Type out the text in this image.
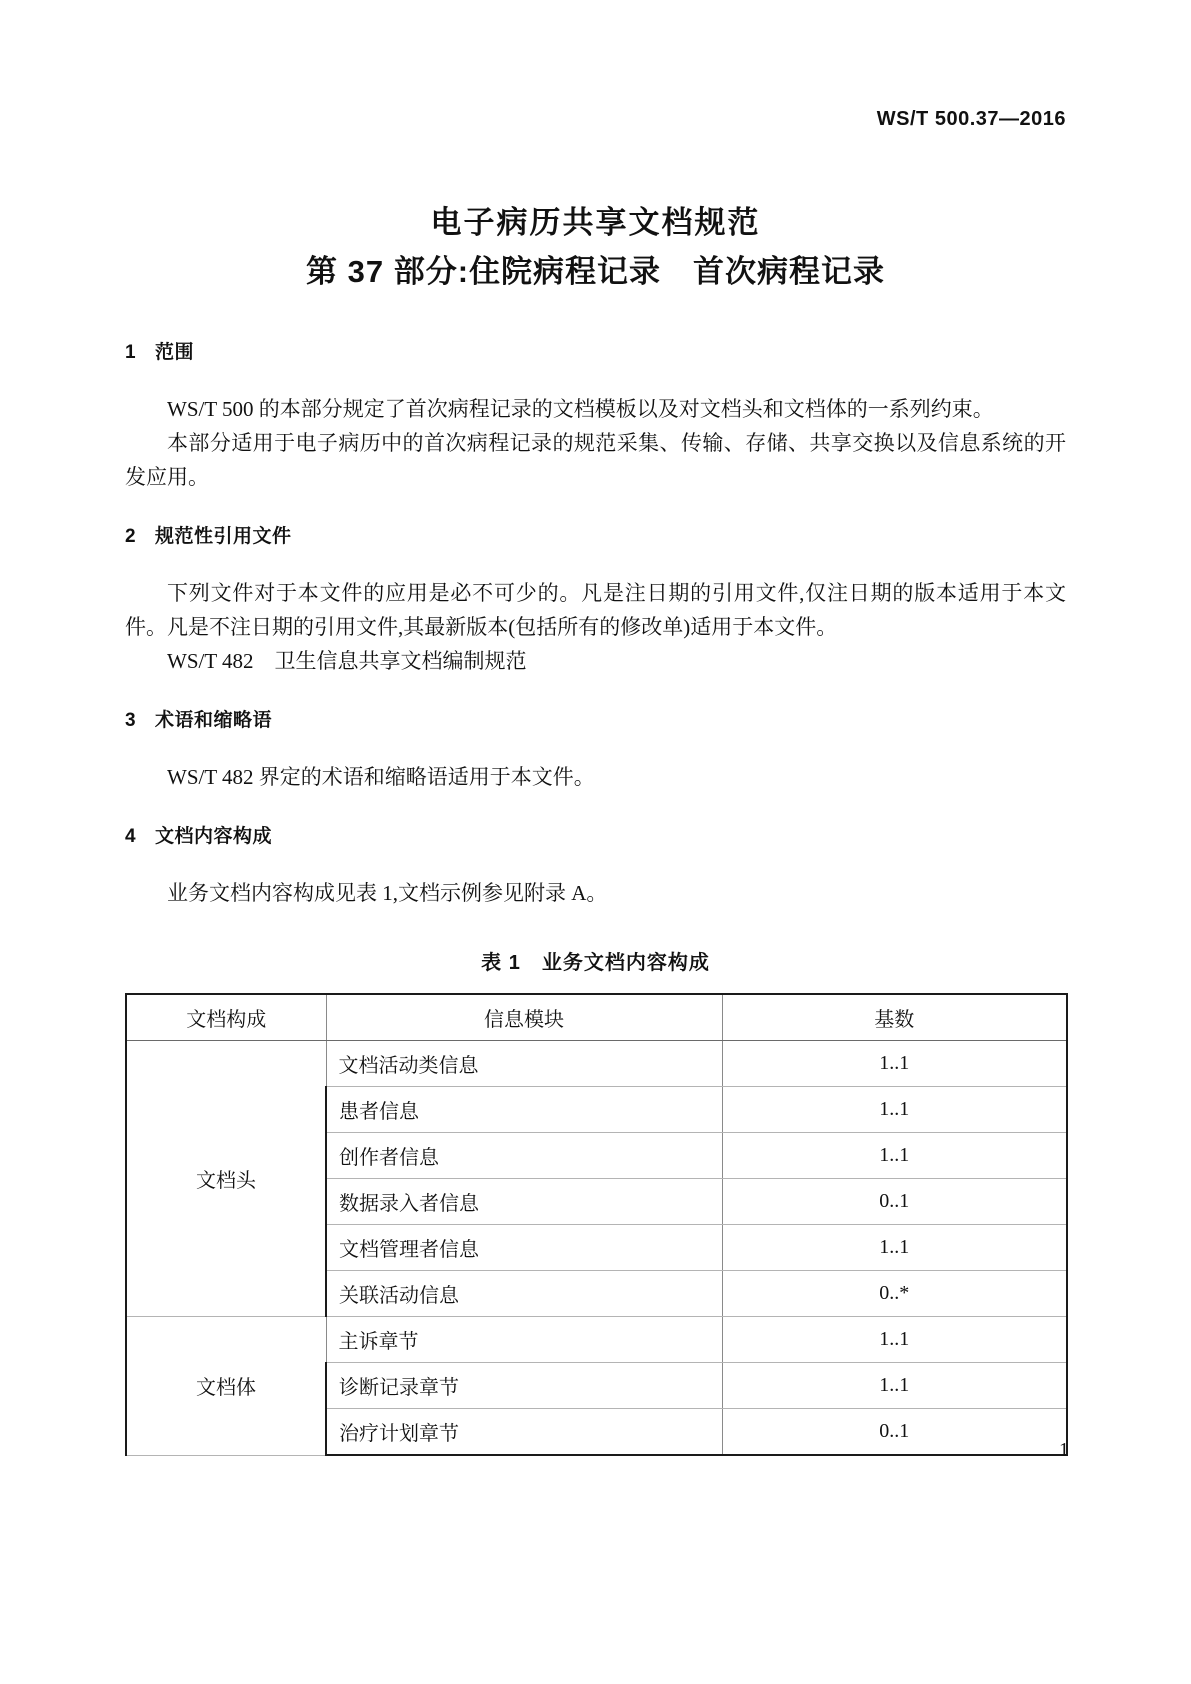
WS/T 500.37—2016
电子病历共享文档规范
第 37 部分:住院病程记录　首次病程记录
1 范围

WS/T 500 的本部分规定了首次病程记录的文档模板以及对文档头和文档体的一系列约束。

本部分适用于电子病历中的首次病程记录的规范采集、传输、存储、共享交换以及信息系统的开发应用。

2 规范性引用文件

下列文件对于本文件的应用是必不可少的。凡是注日期的引用文件,仅注日期的版本适用于本文件。凡是不注日期的引用文件,其最新版本(包括所有的修改单)适用于本文件。

WS/T 482　卫生信息共享文档编制规范

3 术语和缩略语

WS/T 482 界定的术语和缩略语适用于本文件。

4 文档内容构成

业务文档内容构成见表 1,文档示例参见附录 A。

表 1　业务文档内容构成
文档构成	信息模块	基数
文档头	文档活动类信息	1..1
	患者信息	1..1
	创作者信息	1..1
	数据录入者信息	0..1
	文档管理者信息	1..1
	关联活动信息	0..*
文档体	主诉章节	1..1
	诊断记录章节	1..1
	治疗计划章节	0..1
1
